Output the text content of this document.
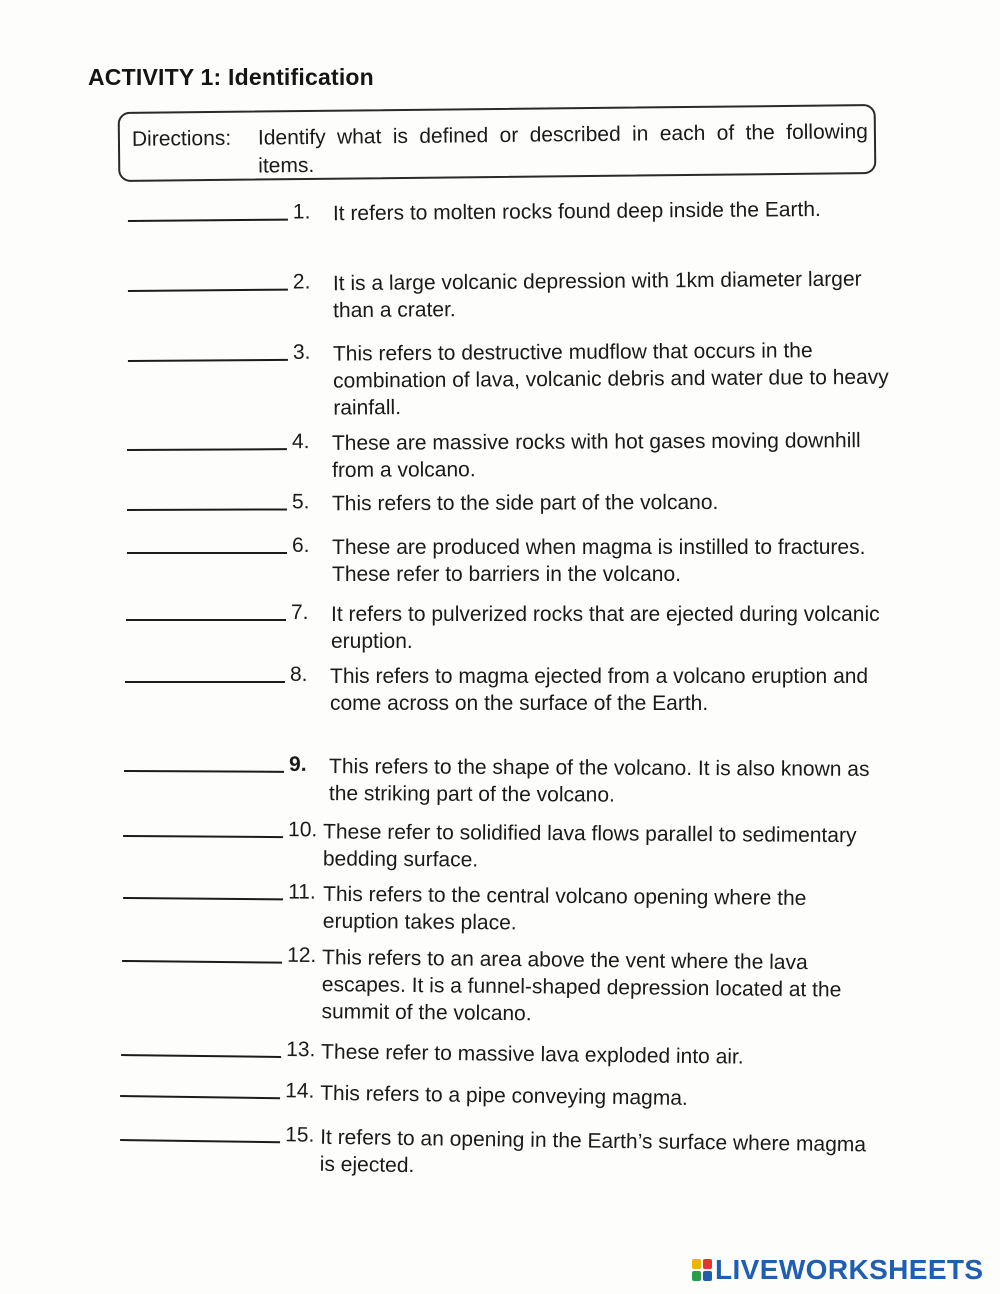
ACTIVITY 1: Identification
Directions: Identify what is defined or described in each of the following items.
1. It refers to molten rocks found deep inside the Earth.
2. It is a large volcanic depression with 1km diameter larger than a crater.
3. This refers to destructive mudflow that occurs in the combination of lava, volcanic debris and water due to heavy rainfall.
4. These are massive rocks with hot gases moving downhill from a volcano.
5. This refers to the side part of the volcano.
6. These are produced when magma is instilled to fractures. These refer to barriers in the volcano.
7. It refers to pulverized rocks that are ejected during volcanic eruption.
8. This refers to magma ejected from a volcano eruption and come across on the surface of the Earth.
9. This refers to the shape of the volcano. It is also known as the striking part of the volcano.
10. These refer to solidified lava flows parallel to sedimentary bedding surface.
11. This refers to the central volcano opening where the eruption takes place.
12. This refers to an area above the vent where the lava escapes. It is a funnel-shaped depression located at the summit of the volcano.
13. These refer to massive lava exploded into air.
14. This refers to a pipe conveying magma.
15. It refers to an opening in the Earth’s surface where magma is ejected.
LIVEWORKSHEETS
